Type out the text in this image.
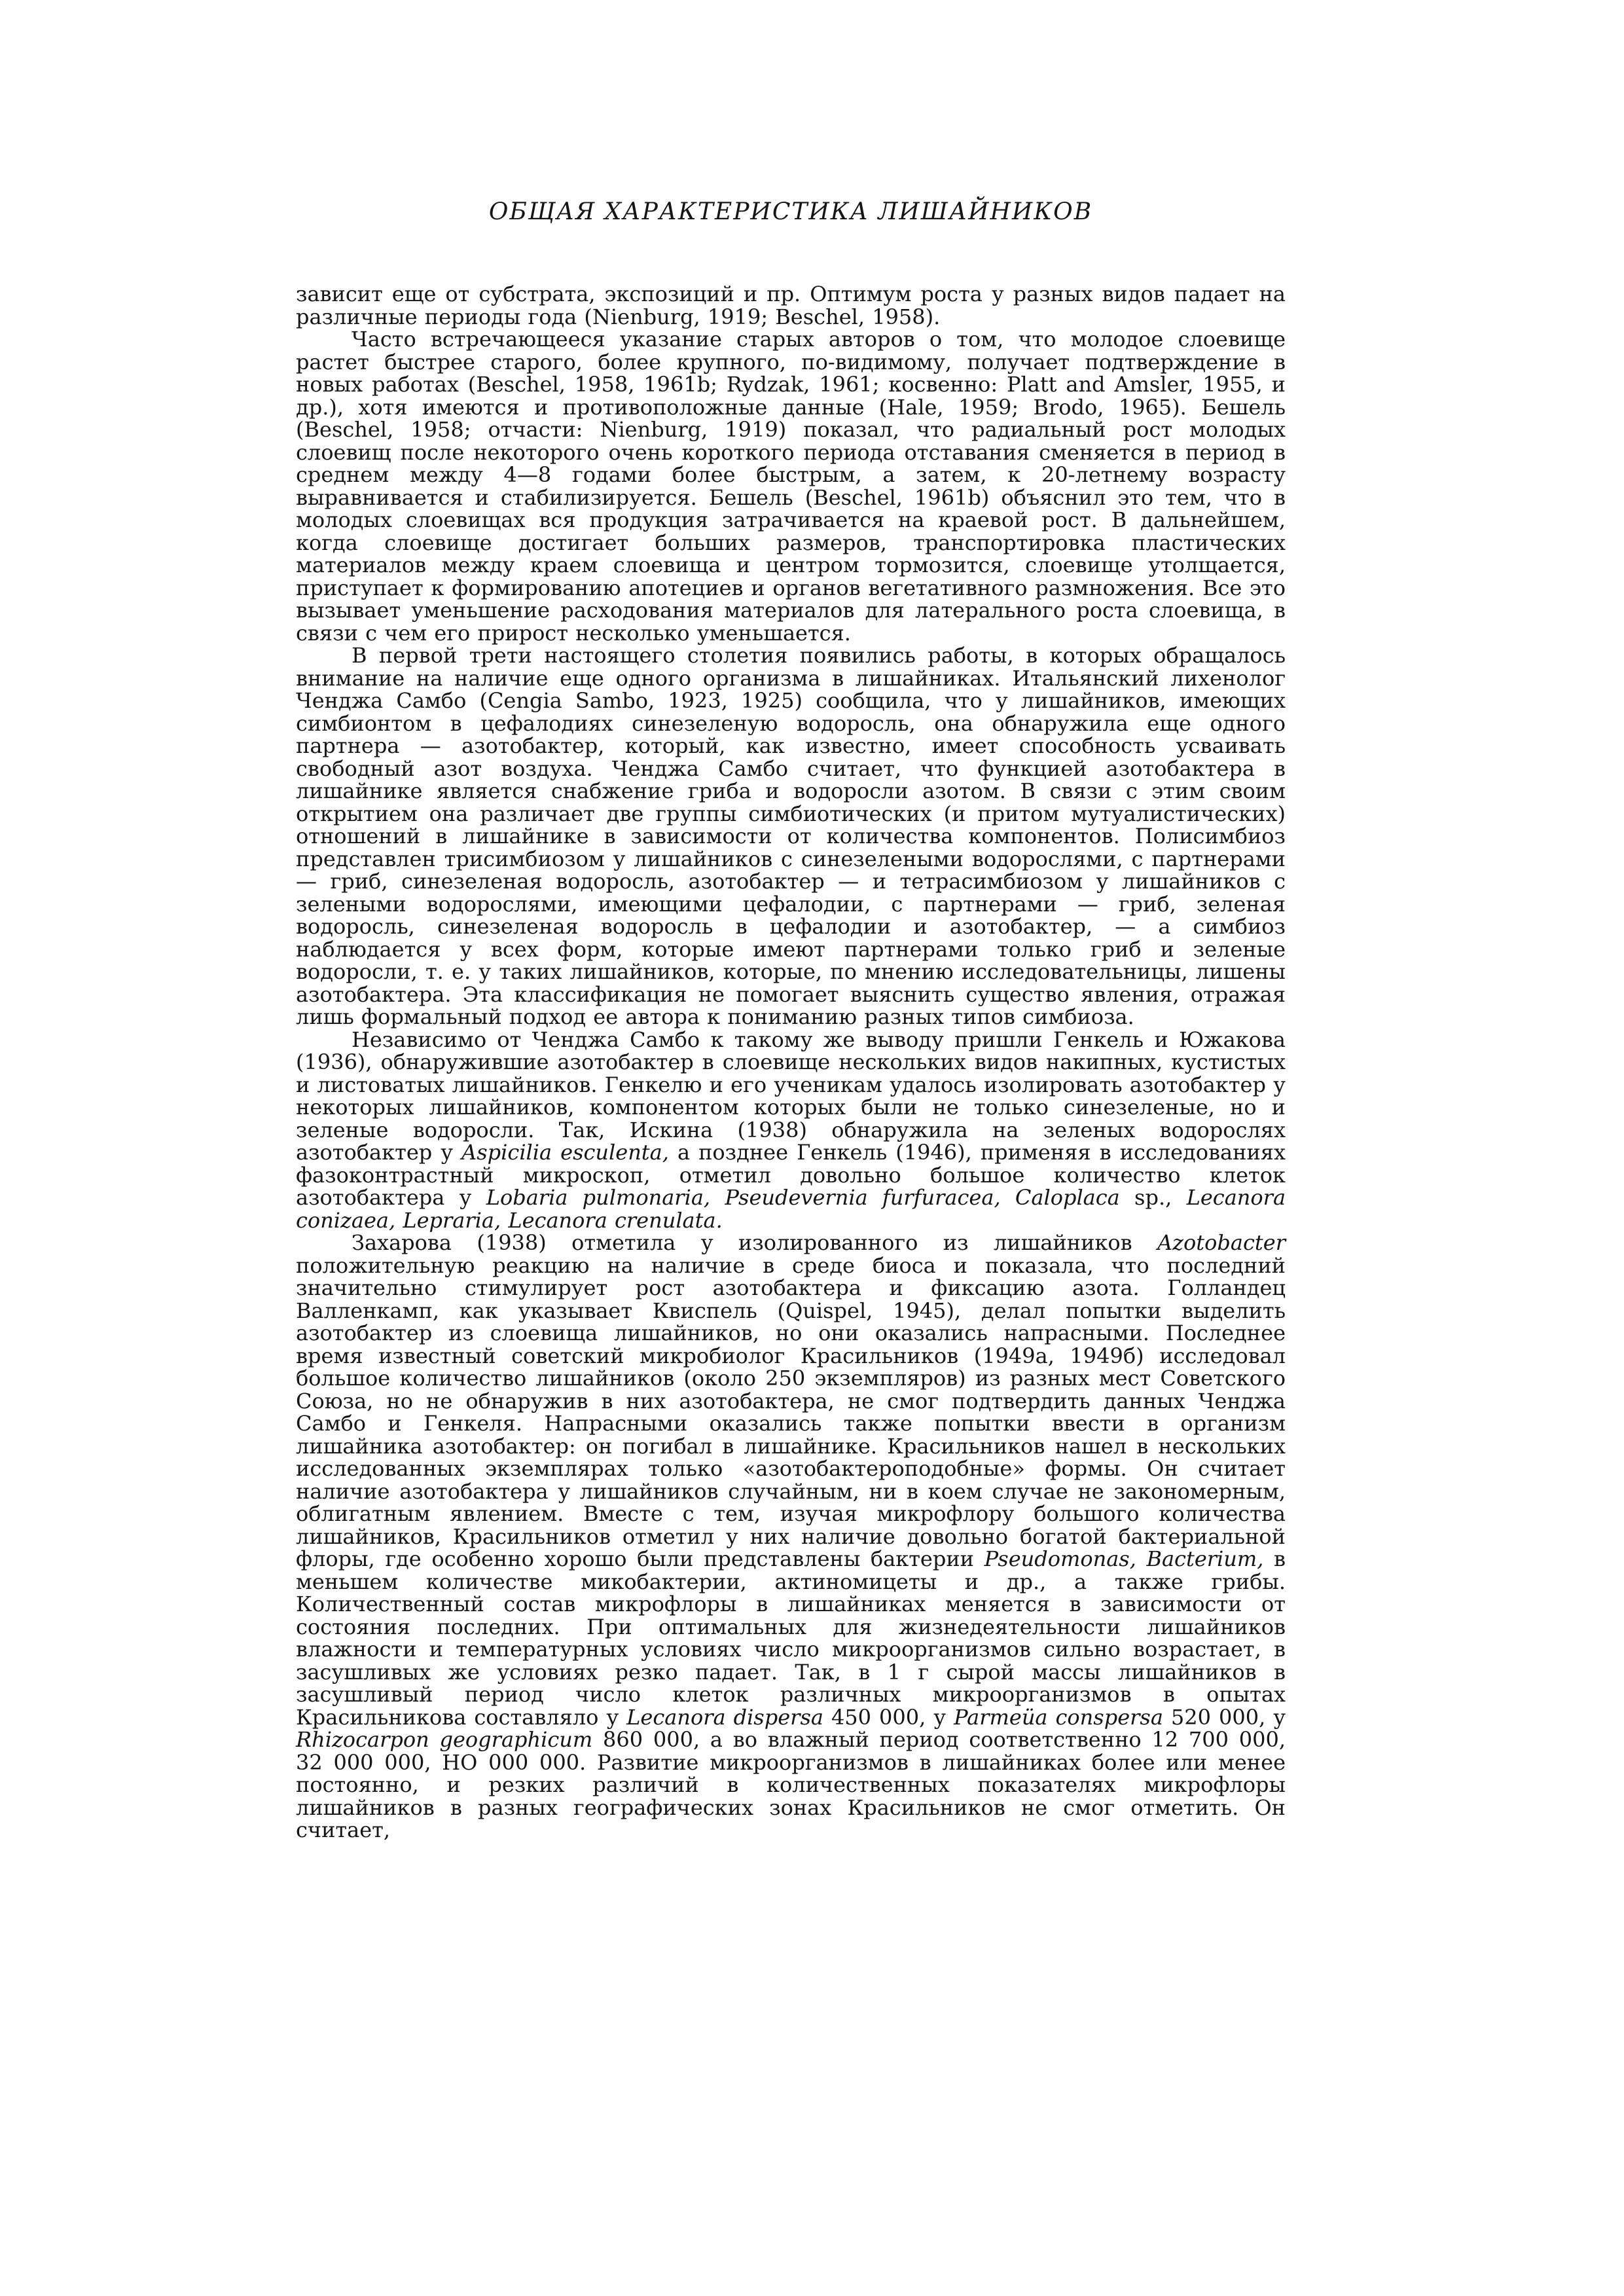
ОБЩАЯ ХАРАКТЕРИСТИКА ЛИШАЙНИКОВ

зависит еще от субстрата, экспозиций и пр. Оптимум роста у разных видов падает на различные периоды года (Nienburg, 1919; Beschel, 1958).

Часто встречающееся указание старых авторов о том, что молодое слоевище растет быстрее старого, более крупного, по-видимому, получает подтверждение в новых работах (Beschel, 1958, 1961b; Rydzak, 1961; косвенно: Platt and Amsler, 1955, и др.), хотя имеются и противоположные данные (Hale, 1959; Brodo, 1965). Бешель (Beschel, 1958; отчасти: Nienburg, 1919) показал, что радиальный рост молодых слоевищ после некоторого очень короткого периода отставания сменяется в период в среднем между 4—8 годами более быстрым, а затем, к 20-летнему возрасту выравнивается и стабилизируется. Бешель (Beschel, 1961b) объяснил это тем, что в молодых слоевищах вся продукция затрачивается на краевой рост. В дальнейшем, когда слоевище достигает больших размеров, транспортировка пластических материалов между краем слоевища и центром тормозится, слоевище утолщается, приступает к формированию апотециев и органов вегетативного размножения. Все это вызывает уменьшение расходования материалов для латерального роста слоевища, в связи с чем его прирост несколько уменьшается.

В первой трети настоящего столетия появились работы, в которых обращалось внимание на наличие еще одного организма в лишайниках. Итальянский лихенолог Ченджа Самбо (Cengia Sambo, 1923, 1925) сообщила, что у лишайников, имеющих симбионтом в цефалодиях синезеленую водоросль, она обнаружила еще одного партнера — азотобактер, который, как известно, имеет способность усваивать свободный азот воздуха. Ченджа Самбо считает, что функцией азотобактера в лишайнике является снабжение гриба и водоросли азотом. В связи с этим своим открытием она различает две группы симбиотических (и притом мутуалистических) отношений в лишайнике в зависимости от количества компонентов. Полисимбиоз представлен трисимбиозом у лишайников с синезелеными водорослями, с партнерами — гриб, синезеленая водоросль, азотобактер — и тетрасимбиозом у лишайников с зелеными водорослями, имеющими цефалодии, с партнерами — гриб, зеленая водоросль, синезеленая водоросль в цефалодии и азотобактер, — а симбиоз наблюдается у всех форм, которые имеют партнерами только гриб и зеленые водоросли, т. е. у таких лишайников, которые, по мнению исследовательницы, лишены азотобактера. Эта классификация не помогает выяснить существо явления, отражая лишь формальный подход ее автора к пониманию разных типов симбиоза.

Независимо от Ченджа Самбо к такому же выводу пришли Генкель и Южакова (1936), обнаружившие азотобактер в слоевище нескольких видов накипных, кустистых и листоватых лишайников. Генкелю и его ученикам удалось изолировать азотобактер у некоторых лишайников, компонентом которых были не только синезеленые, но и зеленые водоросли. Так, Искина (1938) обнаружила на зеленых водорослях азотобактер у Aspicilia esculenta, а позднее Генкель (1946), применяя в исследованиях фазоконтрастный микроскоп, отметил довольно большое количество клеток азотобактера у Lobaria pulmonaria, Pseudevernia furfuracea, Caloplaca sp., Lecanora conizaea, Lepraria, Lecanora crenulata.

Захарова (1938) отметила у изолированного из лишайников Azotobacter положительную реакцию на наличие в среде биоса и показала, что последний значительно стимулирует рост азотобактера и фиксацию азота. Голландец Валленкамп, как указывает Квиспель (Quispel, 1945), делал попытки выделить азотобактер из слоевища лишайников, но они оказались напрасными. Последнее время известный советский микробиолог Красильников (1949а, 1949б) исследовал большое количество лишайников (около 250 экземпляров) из разных мест Советского Союза, но не обнаружив в них азотобактера, не смог подтвердить данных Ченджа Самбо и Генкеля. Напрасными оказались также попытки ввести в организм лишайника азотобактер: он погибал в лишайнике. Красильников нашел в нескольких исследованных экземплярах только «азотобактероподобные» формы. Он считает наличие азотобактера у лишайников случайным, ни в коем случае не закономерным, облигатным явлением. Вместе с тем, изучая микрофлору большого количества лишайников, Красильников отметил у них наличие довольно богатой бактериальной флоры, где особенно хорошо были представлены бактерии Pseudomonas, Bacterium, в меньшем количестве микобактерии, актиномицеты и др., а также грибы. Количественный состав микрофлоры в лишайниках меняется в зависимости от состояния последних. При оптимальных для жизнедеятельности лишайников влажности и температурных условиях число микроорганизмов сильно возрастает, в засушливых же условиях резко падает. Так, в 1 г сырой массы лишайников в засушливый период число клеток различных микроорганизмов в опытах Красильникова составляло у Lecanora dispersa 450 000, у Parmeüa conspersa 520 000, у Rhizocarpon geographicum 860 000, а во влажный период соответственно 12 700 000, 32 000 000, НО 000 000. Развитие микроорганизмов в лишайниках более или менее постоянно, и резких различий в количественных показателях микрофлоры лишайников в разных географических зонах Красильников не смог отметить. Он считает,
